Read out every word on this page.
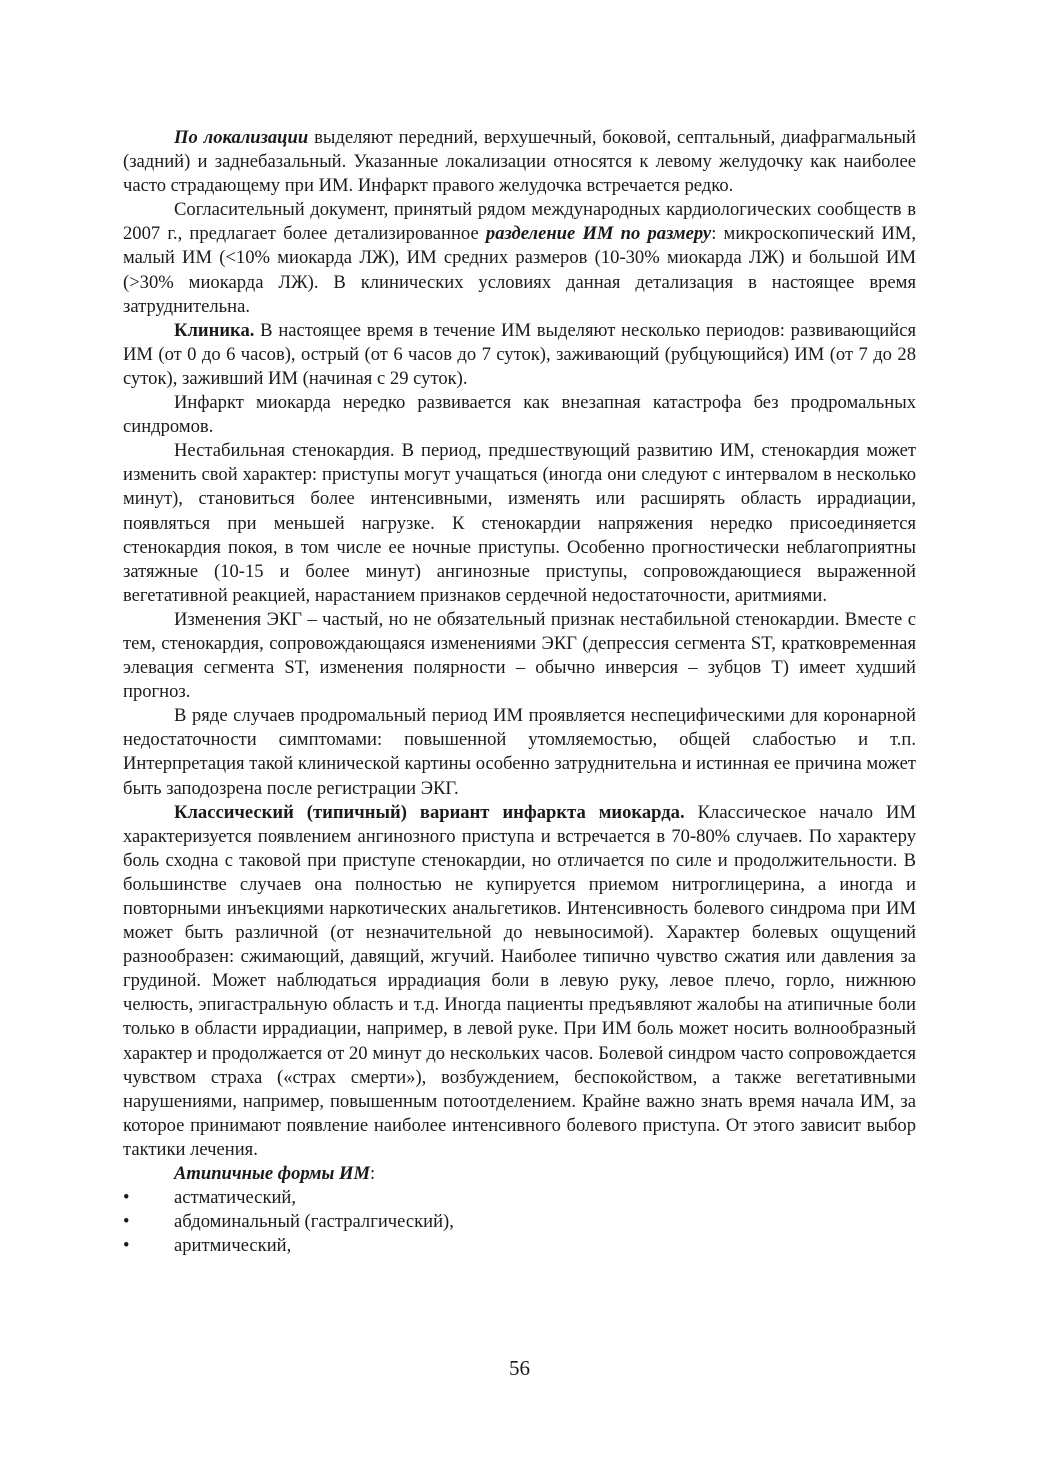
По локализации выделяют передний, верхушечный, боковой, септальный, диафрагмальный (задний) и заднебазальный. Указанные локализации относятся к левому желудочку как наиболее часто страдающему при ИМ. Инфаркт правого желудочка встречается редко.

Согласительный документ, принятый рядом международных кардиологических сообществ в 2007 г., предлагает более детализированное разделение ИМ по размеру: микроскопический ИМ, малый ИМ (<10% миокарда ЛЖ), ИМ средних размеров (10-30% миокарда ЛЖ) и большой ИМ (>30% миокарда ЛЖ). В клинических условиях данная детализация в настоящее время затруднительна.

Клиника. В настоящее время в течение ИМ выделяют несколько периодов: развивающийся ИМ (от 0 до 6 часов), острый (от 6 часов до 7 суток), заживающий (рубцующийся) ИМ (от 7 до 28 суток), заживший ИМ (начиная с 29 суток).

Инфаркт миокарда нередко развивается как внезапная катастрофа без продромальных синдромов.

Нестабильная стенокардия. В период, предшествующий развитию ИМ, стенокардия может изменить свой характер: приступы могут учащаться (иногда они следуют с интервалом в несколько минут), становиться более интенсивными, изменять или расширять область иррадиации, появляться при меньшей нагрузке. К стенокардии напряжения нередко присоединяется стенокардия покоя, в том числе ее ночные приступы. Особенно прогностически неблагоприятны затяжные (10-15 и более минут) ангинозные приступы, сопровождающиеся выраженной вегетативной реакцией, нарастанием признаков сердечной недостаточности, аритмиями.

Изменения ЭКГ – частый, но не обязательный признак нестабильной стенокардии. Вместе с тем, стенокардия, сопровождающаяся изменениями ЭКГ (депрессия сегмента ST, кратковременная элевация сегмента ST, изменения полярности – обычно инверсия – зубцов Т) имеет худший прогноз.

В ряде случаев продромальный период ИМ проявляется неспецифическими для коронарной недостаточности симптомами: повышенной утомляемостью, общей слабостью и т.п. Интерпретация такой клинической картины особенно затруднительна и истинная ее причина может быть заподозрена после регистрации ЭКГ.

Классический (типичный) вариант инфаркта миокарда. Классическое начало ИМ характеризуется появлением ангинозного приступа и встречается в 70-80% случаев. По характеру боль сходна с таковой при приступе стенокардии, но отличается по силе и продолжительности. В большинстве случаев она полностью не купируется приемом нитроглицерина, а иногда и повторными инъекциями наркотических анальгетиков. Интенсивность болевого синдрома при ИМ может быть различной (от незначительной до невыносимой). Характер болевых ощущений разнообразен: сжимающий, давящий, жгучий. Наиболее типично чувство сжатия или давления за грудиной. Может наблюдаться иррадиация боли в левую руку, левое плечо, горло, нижнюю челюсть, эпигастральную область и т.д. Иногда пациенты предъявляют жалобы на атипичные боли только в области иррадиации, например, в левой руке. При ИМ боль может носить волнообразный характер и продолжается от 20 минут до нескольких часов. Болевой синдром часто сопровождается чувством страха («страх смерти»), возбуждением, беспокойством, а также вегетативными нарушениями, например, повышенным потоотделением. Крайне важно знать время начала ИМ, за которое принимают появление наиболее интенсивного болевого приступа. От этого зависит выбор тактики лечения.

Атипичные формы ИМ:

• астматический,
• абдоминальный (гастралгический),
• аритмический,
56
